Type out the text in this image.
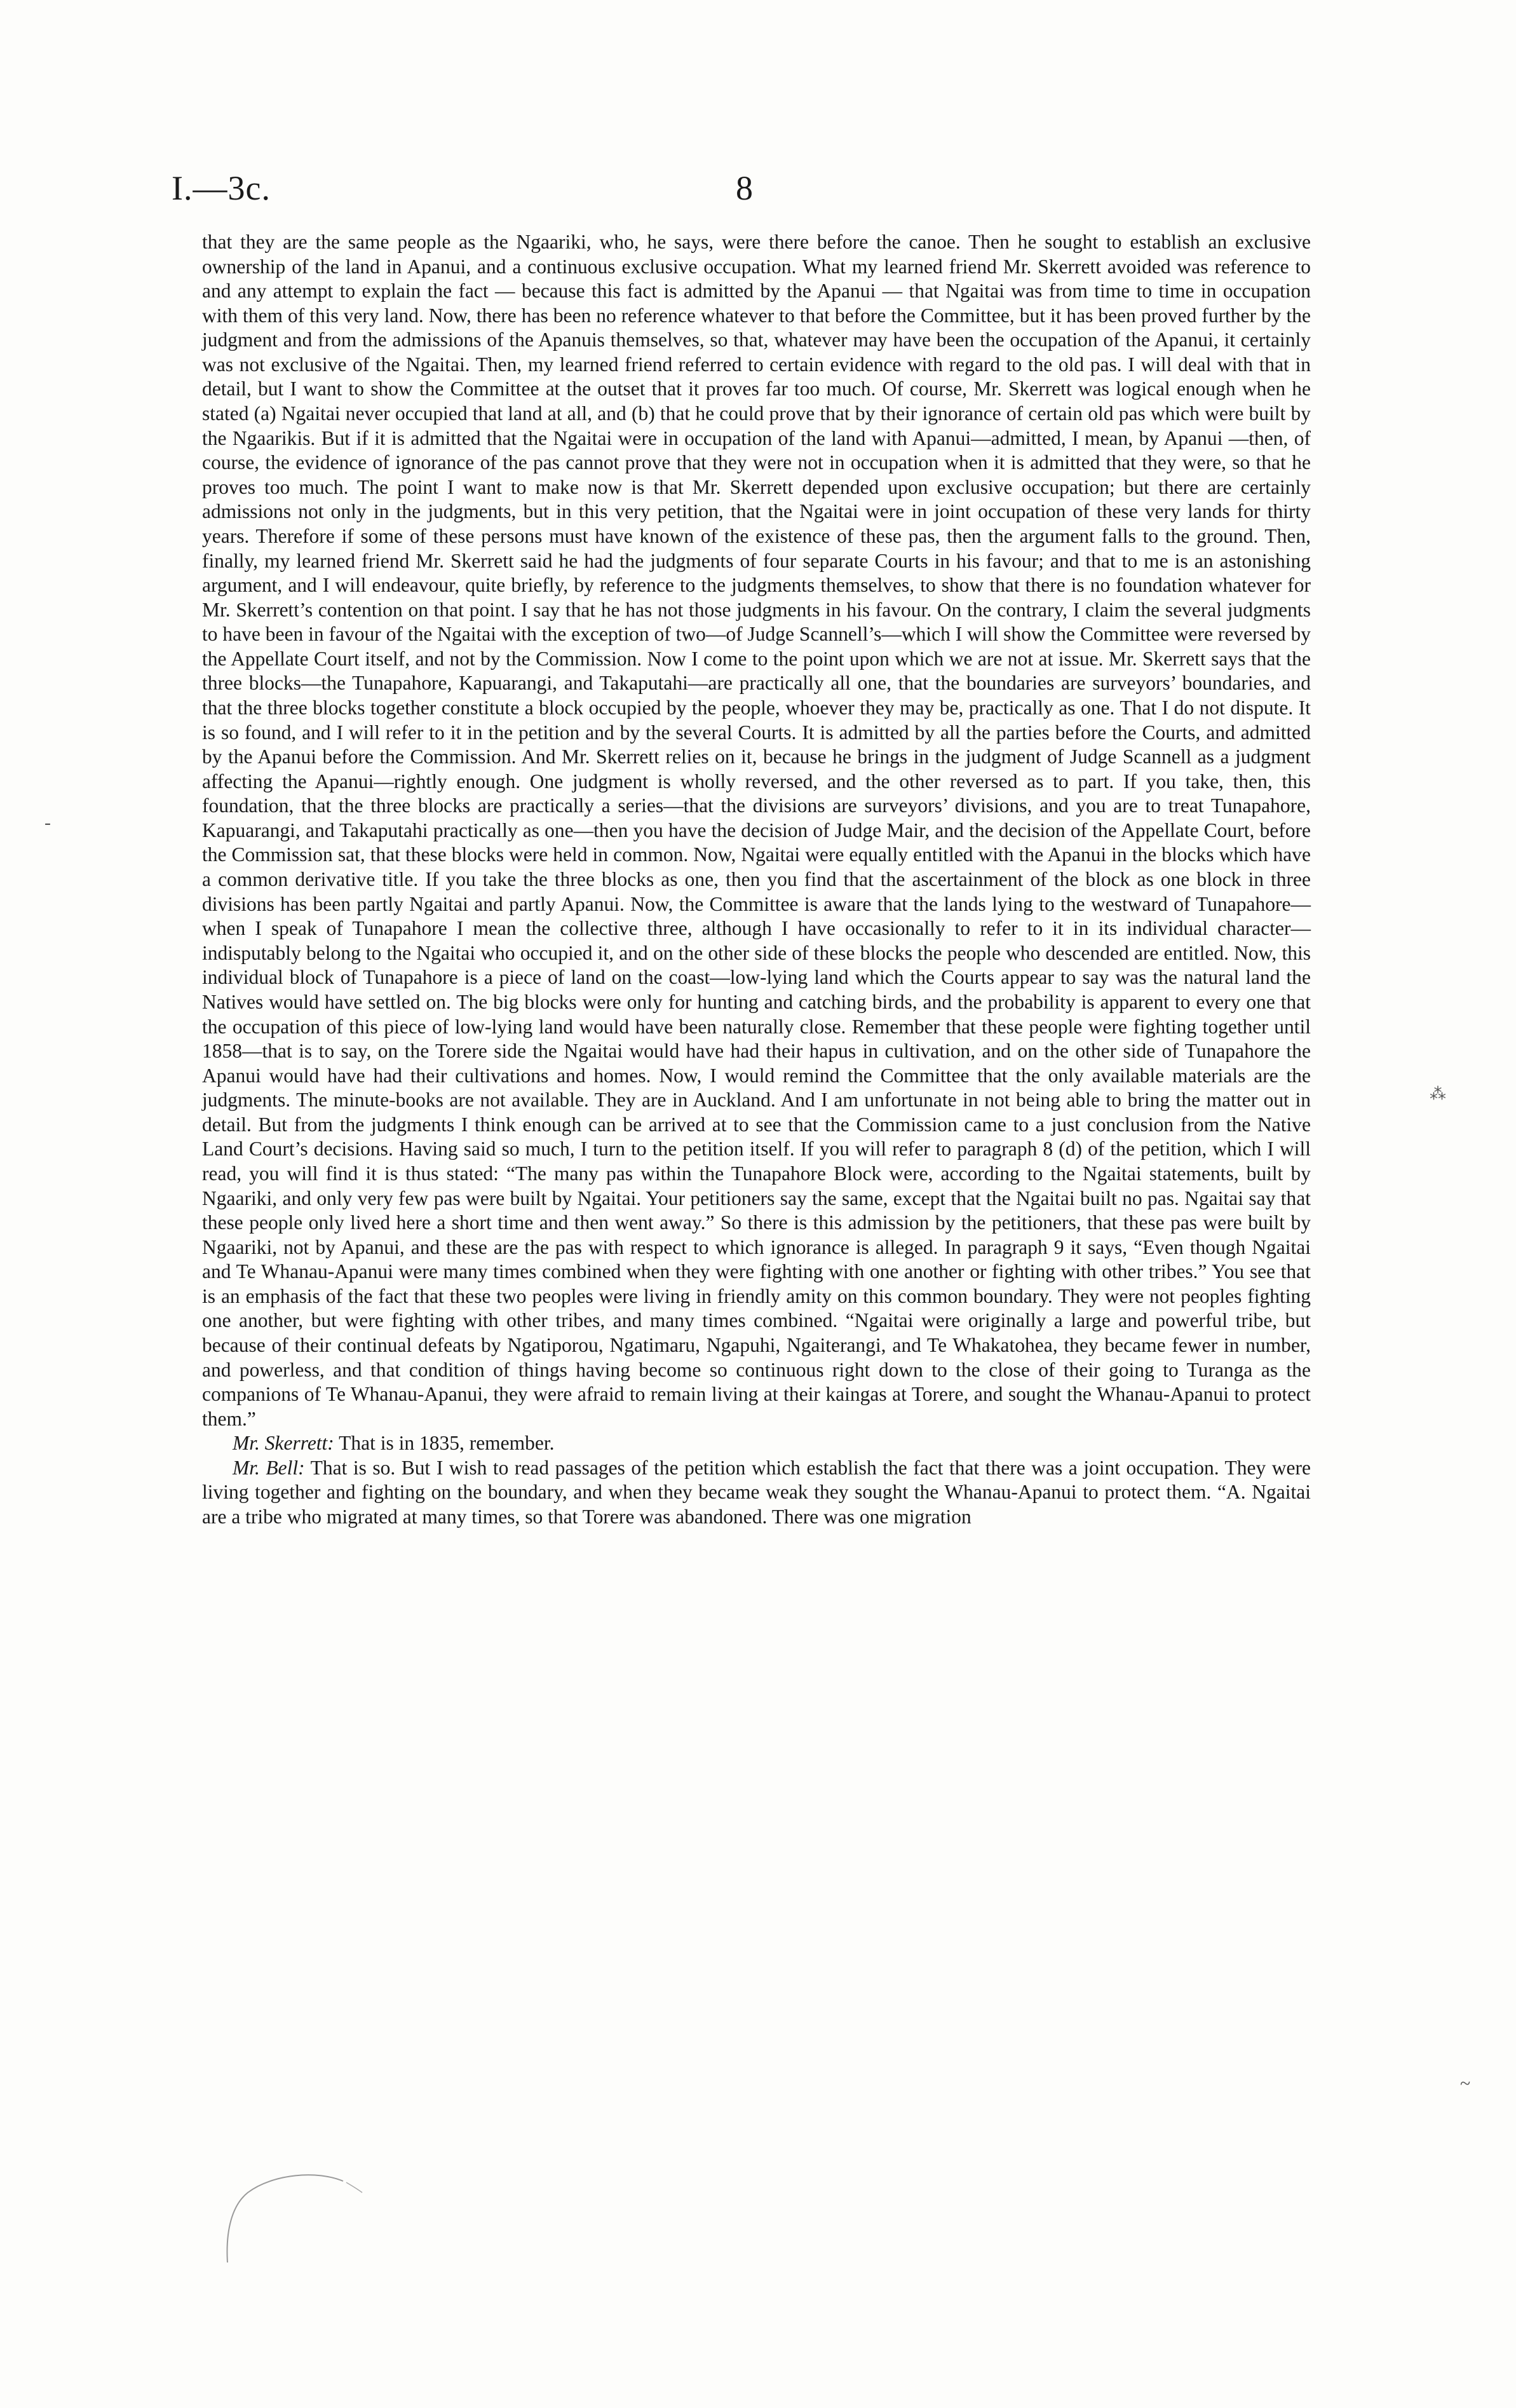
I.—3c.	8

that they are the same people as the Ngaariki, who, he says, were there before the canoe. Then he sought to establish an exclusive ownership of the land in Apanui, and a continuous exclusive occupation. What my learned friend Mr. Skerrett avoided was reference to and any attempt to explain the fact — because this fact is admitted by the Apanui — that Ngaitai was from time to time in occupation with them of this very land. Now, there has been no reference whatever to that before the Committee, but it has been proved further by the judgment and from the admissions of the Apanuis themselves, so that, whatever may have been the occupation of the Apanui, it certainly was not exclusive of the Ngaitai. Then, my learned friend referred to certain evidence with regard to the old pas. I will deal with that in detail, but I want to show the Committee at the outset that it proves far too much. Of course, Mr. Skerrett was logical enough when he stated (a) Ngaitai never occupied that land at all, and (b) that he could prove that by their ignorance of certain old pas which were built by the Ngaarikis. But if it is admitted that the Ngaitai were in occupation of the land with Apanui—admitted, I mean, by Apanui —then, of course, the evidence of ignorance of the pas cannot prove that they were not in occupation when it is admitted that they were, so that he proves too much. The point I want to make now is that Mr. Skerrett depended upon exclusive occupation; but there are certainly admissions not only in the judgments, but in this very petition, that the Ngaitai were in joint occupation of these very lands for thirty years. Therefore if some of these persons must have known of the existence of these pas, then the argument falls to the ground. Then, finally, my learned friend Mr. Skerrett said he had the judgments of four separate Courts in his favour; and that to me is an astonishing argument, and I will endeavour, quite briefly, by reference to the judgments themselves, to show that there is no foundation whatever for Mr. Skerrett’s contention on that point. I say that he has not those judgments in his favour. On the contrary, I claim the several judgments to have been in favour of the Ngaitai with the exception of two—of Judge Scannell’s—which I will show the Committee were reversed by the Appellate Court itself, and not by the Commission. Now I come to the point upon which we are not at issue. Mr. Skerrett says that the three blocks—the Tunapahore, Kapuarangi, and Takaputahi—are practically all one, that the boundaries are surveyors’ boundaries, and that the three blocks together constitute a block occupied by the people, whoever they may be, practically as one. That I do not dispute. It is so found, and I will refer to it in the petition and by the several Courts. It is admitted by all the parties before the Courts, and admitted by the Apanui before the Commission. And Mr. Skerrett relies on it, because he brings in the judgment of Judge Scannell as a judgment affecting the Apanui—rightly enough. One judgment is wholly reversed, and the other reversed as to part. If you take, then, this foundation, that the three blocks are practically a series—that the divisions are surveyors’ divisions, and you are to treat Tunapahore, Kapuarangi, and Takaputahi practically as one—then you have the decision of Judge Mair, and the decision of the Appellate Court, before the Commission sat, that these blocks were held in common. Now, Ngaitai were equally entitled with the Apanui in the blocks which have a common derivative title. If you take the three blocks as one, then you find that the ascertainment of the block as one block in three divisions has been partly Ngaitai and partly Apanui. Now, the Committee is aware that the lands lying to the westward of Tunapahore—when I speak of Tunapahore I mean the collective three, although I have occasionally to refer to it in its individual character—indisputably belong to the Ngaitai who occupied it, and on the other side of these blocks the people who descended are entitled. Now, this individual block of Tunapahore is a piece of land on the coast—low-lying land which the Courts appear to say was the natural land the Natives would have settled on. The big blocks were only for hunting and catching birds, and the probability is apparent to every one that the occupation of this piece of low-lying land would have been naturally close. Remember that these people were fighting together until 1858—that is to say, on the Torere side the Ngaitai would have had their hapus in cultivation, and on the other side of Tunapahore the Apanui would have had their cultivations and homes. Now, I would remind the Committee that the only available materials are the judgments. The minute-books are not available. They are in Auckland. And I am unfortunate in not being able to bring the matter out in detail. But from the judgments I think enough can be arrived at to see that the Commission came to a just conclusion from the Native Land Court’s decisions. Having said so much, I turn to the petition itself. If you will refer to paragraph 8 (d) of the petition, which I will read, you will find it is thus stated: “The many pas within the Tunapahore Block were, according to the Ngaitai statements, built by Ngaariki, and only very few pas were built by Ngaitai. Your petitioners say the same, except that the Ngaitai built no pas. Ngaitai say that these people only lived here a short time and then went away.” So there is this admission by the petitioners, that these pas were built by Ngaariki, not by Apanui, and these are the pas with respect to which ignorance is alleged. In paragraph 9 it says, “Even though Ngaitai and Te Whanau-Apanui were many times combined when they were fighting with one another or fighting with other tribes.” You see that is an emphasis of the fact that these two peoples were living in friendly amity on this common boundary. They were not peoples fighting one another, but were fighting with other tribes, and many times combined. “Ngaitai were originally a large and powerful tribe, but because of their continual defeats by Ngatiporou, Ngatimaru, Ngapuhi, Ngaiterangi, and Te Whakatohea, they became fewer in number, and powerless, and that condition of things having become so continuous right down to the close of their going to Turanga as the companions of Te Whanau-Apanui, they were afraid to remain living at their kaingas at Torere, and sought the Whanau-Apanui to protect them.”

Mr. Skerrett: That is in 1835, remember.

Mr. Bell: That is so. But I wish to read passages of the petition which establish the fact that there was a joint occupation. They were living together and fighting on the boundary, and when they became weak they sought the Whanau-Apanui to protect them. “A. Ngaitai are a tribe who migrated at many times, so that Torere was abandoned. There was one migration

-
⁂
~
